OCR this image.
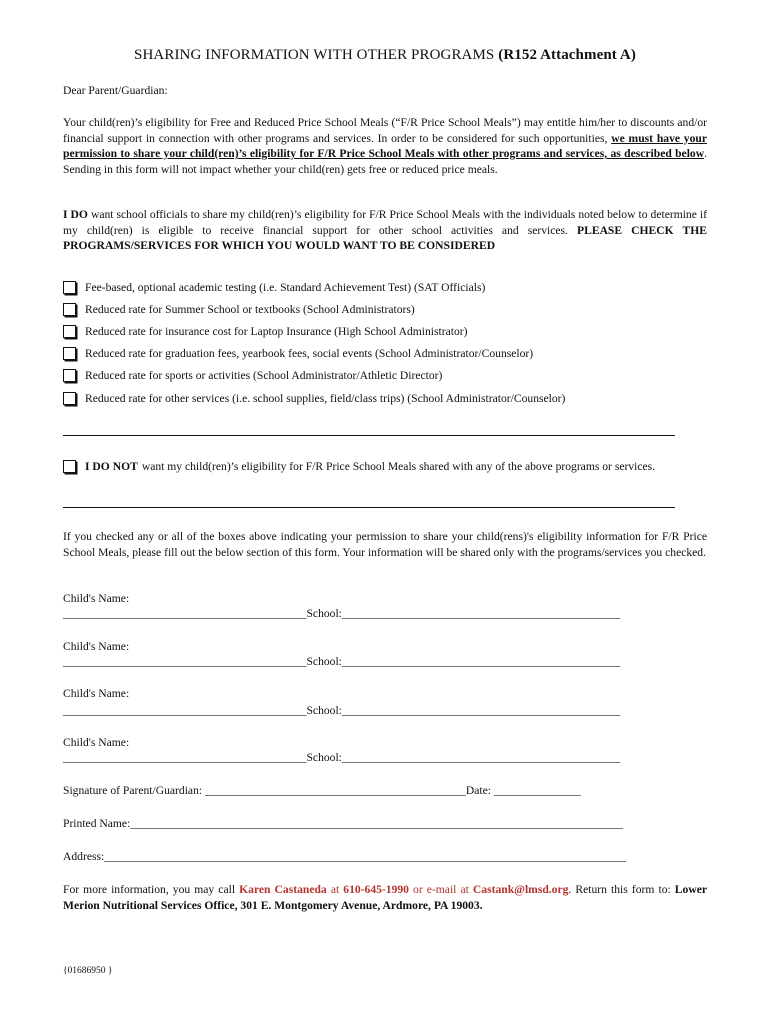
SHARING INFORMATION WITH OTHER PROGRAMS (R152 Attachment A)
Dear Parent/Guardian:
Your child(ren)’s eligibility for Free and Reduced Price School Meals (“F/R Price School Meals”) may entitle him/her to discounts and/or financial support in connection with other programs and services. In order to be considered for such opportunities, we must have your permission to share your child(ren)’s eligibility for F/R Price School Meals with other programs and services, as described below. Sending in this form will not impact whether your child(ren) gets free or reduced price meals.
I DO want school officials to share my child(ren)’s eligibility for F/R Price School Meals with the individuals noted below to determine if my child(ren) is eligible to receive financial support for other school activities and services. PLEASE CHECK THE PROGRAMS/SERVICES FOR WHICH YOU WOULD WANT TO BE CONSIDERED
Fee-based, optional academic testing (i.e. Standard Achievement Test) (SAT Officials)
Reduced rate for Summer School or textbooks (School Administrators)
Reduced rate for insurance cost for Laptop Insurance (High School Administrator)
Reduced rate for graduation fees, yearbook fees, social events (School Administrator/Counselor)
Reduced rate for sports or activities (School Administrator/Athletic Director)
Reduced rate for other services (i.e. school supplies, field/class trips) (School Administrator/Counselor)
I DO NOT want my child(ren)’s eligibility for F/R Price School Meals shared with any of the above programs or services.
If you checked any or all of the boxes above indicating your permission to share your child(rens)'s eligibility information for F/R Price School Meals, please fill out the below section of this form. Your information will be shared only with the programs/services you checked.
Child's Name:
__________________________________________School:________________________________________________
Child's Name:
__________________________________________School:________________________________________________
Child's Name:
__________________________________________School:________________________________________________
Child's Name:
__________________________________________School:________________________________________________
Signature of Parent/Guardian: _____________________________________________Date: _______________
Printed Name:_____________________________________________________________________________________
Address:__________________________________________________________________________________________
For more information, you may call Karen Castaneda at 610-645-1990 or e-mail at Castank@lmsd.org. Return this form to: Lower Merion Nutritional Services Office, 301 E. Montgomery Avenue, Ardmore, PA 19003.
{01686950 }
